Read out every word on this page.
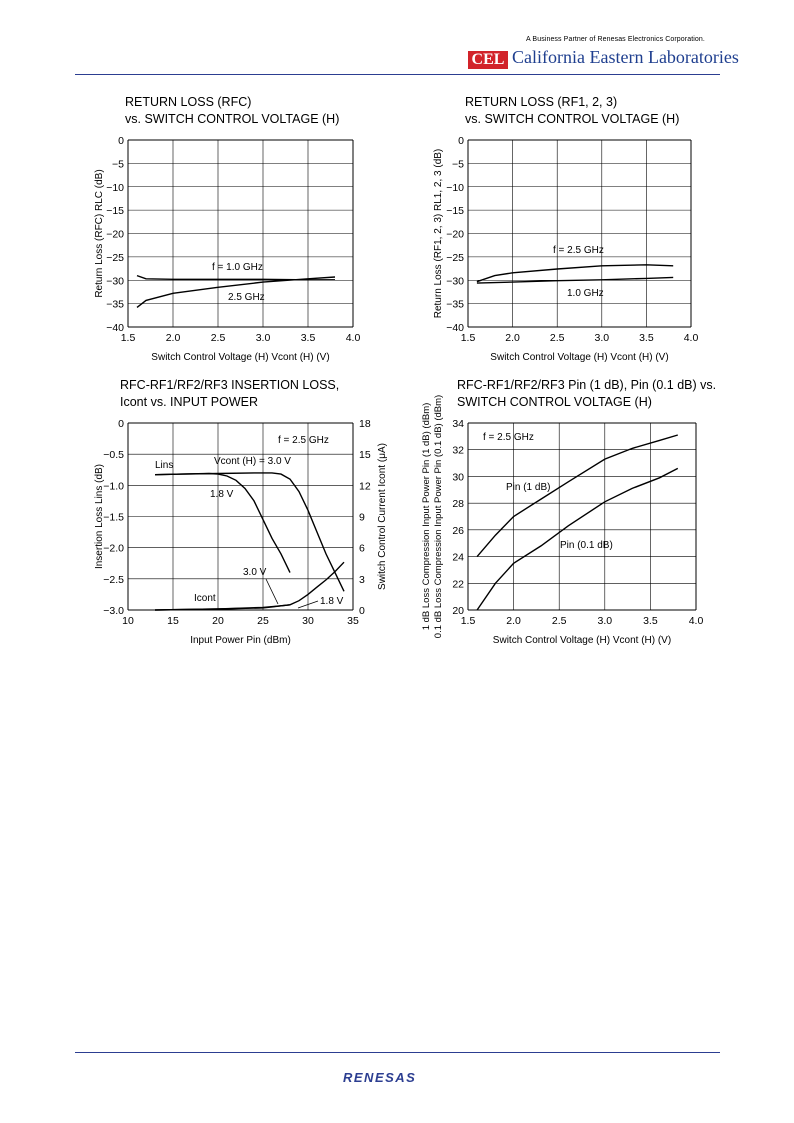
A Business Partner of Renesas Electronics Corporation.
CEL California Eastern Laboratories
RETURN LOSS (RFC)
vs. SWITCH CONTROL VOLTAGE (H)
1.5	2.0	2.5	3.0	3.5	4.0
0
−5
−10
−15
−20
−25
−30
−35
−40
Switch Control Voltage (H) Vcont (H) (V)
Return Loss (RFC) RLC (dB)	f = 1.0 GHz
2.5 GHz
RETURN LOSS (RF1, 2, 3)
vs. SWITCH CONTROL VOLTAGE (H)
1.5	2.0	2.5	3.0	3.5	4.0
0
−5
−10
−15
−20
−25
−30
−35
−40
Switch Control Voltage (H) Vcont (H) (V)
Return Loss (RF1, 2, 3) RL1, 2, 3 (dB)	f = 2.5 GHz
1.0 GHz
RFC-RF1/RF2/RF3 INSERTION LOSS,
Icont vs. INPUT POWER
10	15	20	25	30	35
0
−0.5
−1.0
−1.5
−2.0
−2.5
−3.0
18
15
12
9
6
3
0
Input Power Pin (dBm)
Insertion Loss Lins (dB)	Switch Control Current Icont (μA)
f = 2.5 GHz
Lins	Vcont (H) = 3.0 V
1.8 V
3.0 V
Icont	1.8 V
RFC-RF1/RF2/RF3 Pin (1 dB), Pin (0.1 dB) vs.
SWITCH CONTROL VOLTAGE (H)
1.5	2.0	2.5	3.0	3.5	4.0
34
32
30
28
26
24
22
20
Switch Control Voltage (H) Vcont (H) (V)
1 dB Loss Compression Input Power Pin (1 dB) (dBm) 0.1 dB Loss Compression Input Power Pin (0.1 dB) (dBm)	f = 2.5 GHz
Pin (1 dB)
Pin (0.1 dB)
RENESAS
